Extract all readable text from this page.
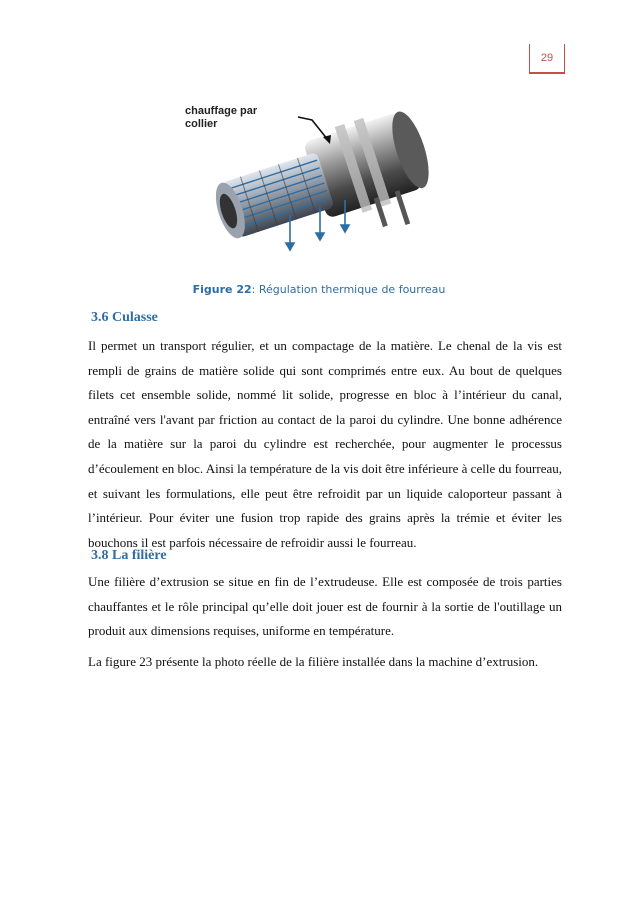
29
chauffage par
collier
Figure 22: Régulation thermique de fourreau
3.6 Culasse

Il permet un transport régulier, et un compactage de la matière. Le chenal de la vis est rempli de grains de matière solide qui sont comprimés entre eux. Au bout de quelques filets cet ensemble solide, nommé lit solide, progresse en bloc à l’intérieur du canal, entraîné vers l'avant par friction au contact de la paroi du cylindre. Une bonne adhérence de la matière sur la paroi du cylindre est recherchée, pour augmenter le processus d’écoulement en bloc. Ainsi la température de la vis doit être inférieure à celle du fourreau, et suivant les formulations, elle peut être refroidit par un liquide caloporteur passant à l’intérieur. Pour éviter une fusion trop rapide des grains après la trémie et éviter les bouchons il est parfois nécessaire de refroidir aussi le fourreau.

3.8 La filière

Une filière d’extrusion se situe en fin de l’extrudeuse. Elle est composée de trois parties chauffantes et le rôle principal qu’elle doit jouer est de fournir à la sortie de l'outillage un produit aux dimensions requises, uniforme en température.

La figure 23 présente la photo réelle de la filière installée dans la machine d’extrusion.
